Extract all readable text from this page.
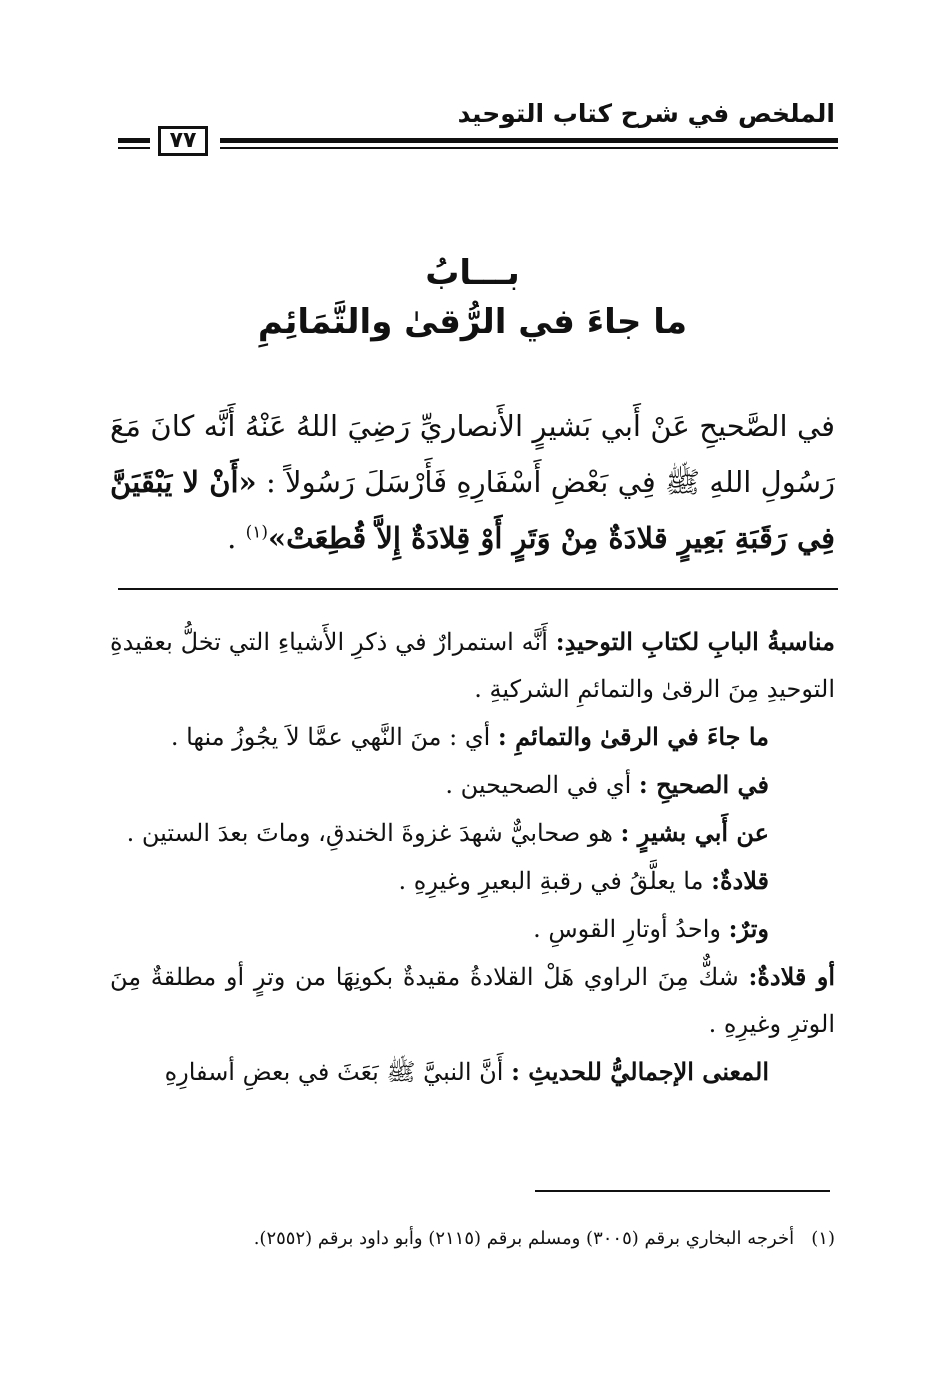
الملخص في شرح كتاب التوحيد
٧٧
بـــابُ
ما جاءَ في الرُّقىٰ والتَّمَائِمِ
في الصَّحيحِ عَنْ أَبي بَشيرٍ الأَنصاريِّ رَضِيَ اللهُ عَنْهُ أَنَّه كانَ مَعَ رَسُولِ اللهِ ﷺ فِي بَعْضِ أَسْفَارِهِ فَأَرْسَلَ رَسُولاً : «أَنْ لا يَبْقَيَنَّ فِي رَقَبَةِ بَعِيرٍ قلادَةٌ مِنْ وَتَرٍ أَوْ قِلادَةٌ إِلاَّ قُطِعَتْ»$^{(١)}$ .

مناسبةُ البابِ لكتابِ التوحيدِ: أَنَّه استمرارٌ في ذكرِ الأَشياءِ التي تخلُّ بعقيدةِ التوحيدِ مِنَ الرقىٰ والتمائمِ الشركيةِ .

ما جاءَ في الرقىٰ والتمائمِ : أي : منَ النَّهي عمَّا لاَ يجُوزُ منها .

في الصحيحِ : أي في الصحيحين .

عن أَبي بشيرٍ : هو صحابيٌّ شهدَ غزوةَ الخندقِ، وماتَ بعدَ الستين .

قلادةٌ: ما يعلَّقُ في رقبةِ البعيرِ وغيرِهِ .

وترٌ: واحدُ أوتارِ القوسِ .

أو قلادةٌ: شكٌّ مِنَ الراوي هَلْ القلادةُ مقيدةٌ بكونِهَا من وترٍ أو مطلقةٌ مِنَ الوترِ وغيرِهِ .

المعنى الإجماليُّ للحديثِ : أَنَّ النبيَّ ﷺ بَعَثَ في بعضِ أسفارِهِ

(١)   أخرجه البخاري برقم (٣٠٠٥) ومسلم برقم (٢١١٥) وأبو داود برقم (٢٥٥٢).
